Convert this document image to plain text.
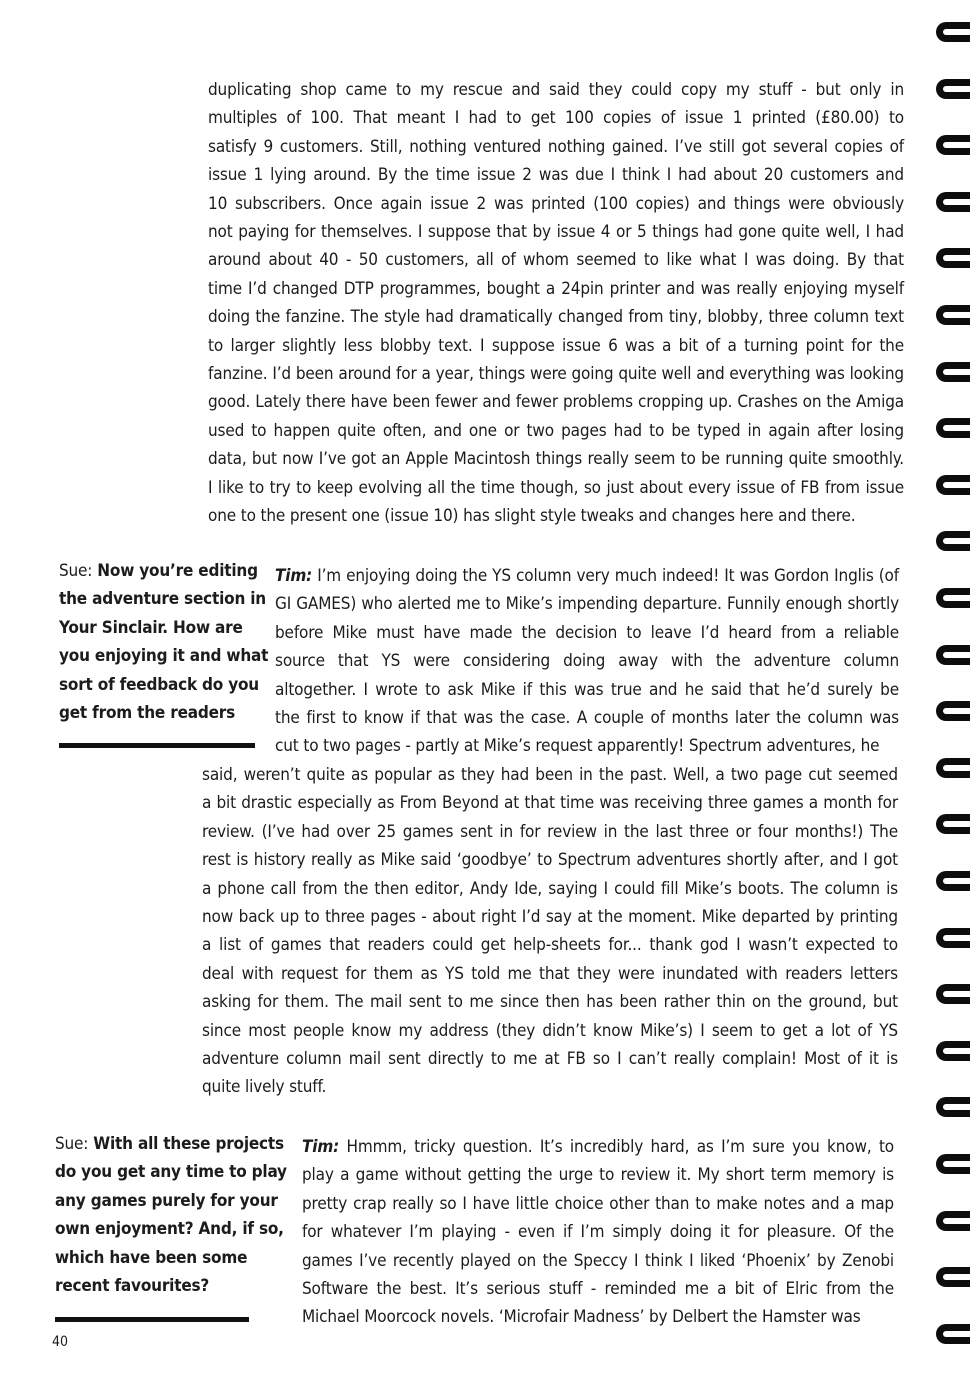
duplicating shop came to my rescue and said they could copy my stuff - but only in
multiples of 100. That meant I had to get 100 copies of issue 1 printed (£80.00) to
satisfy 9 customers. Still, nothing ventured nothing gained. I’ve still got several copies of
issue 1 lying around. By the time issue 2 was due I think I had about 20 customers and
10 subscribers. Once again issue 2 was printed (100 copies) and things were obviously
not paying for themselves. I suppose that by issue 4 or 5 things had gone quite well, I had
around about 40 - 50 customers, all of whom seemed to like what I was doing. By that
time I’d changed DTP programmes, bought a 24pin printer and was really enjoying myself
doing the fanzine. The style had dramatically changed from tiny, blobby, three column text
to larger slightly less blobby text. I suppose issue 6 was a bit of a turning point for the
fanzine. I’d been around for a year, things were going quite well and everything was looking
good. Lately there have been fewer and fewer problems cropping up. Crashes on the Amiga
used to happen quite often, and one or two pages had to be typed in again after losing
data, but now I’ve got an Apple Macintosh things really seem to be running quite smoothly.
I like to try to keep evolving all the time though, so just about every issue of FB from issue
one to the present one (issue 10) has slight style tweaks and changes here and there.
Sue: Now you’re editing
the adventure section in
Your Sinclair. How are
you enjoying it and what
sort of feedback do you
get from the readers
Tim: I’m enjoying doing the YS column very much indeed! It was Gordon Inglis (of
GI GAMES) who alerted me to Mike’s impending departure. Funnily enough shortly
before Mike must have made the decision to leave I’d heard from a reliable
source that YS were considering doing away with the adventure column
altogether. I wrote to ask Mike if this was true and he said that he’d surely be
the first to know if that was the case. A couple of months later the column was
cut to two pages - partly at Mike’s request apparently! Spectrum adventures, he
said, weren’t quite as popular as they had been in the past. Well, a two page cut seemed
a bit drastic especially as From Beyond at that time was receiving three games a month for
review. (I’ve had over 25 games sent in for review in the last three or four months!) The
rest is history really as Mike said ‘goodbye’ to Spectrum adventures shortly after, and I got
a phone call from the then editor, Andy Ide, saying I could fill Mike’s boots. The column is
now back up to three pages - about right I’d say at the moment. Mike departed by printing
a list of games that readers could get help-sheets for... thank god I wasn’t expected to
deal with request for them as YS told me that they were inundated with readers letters
asking for them. The mail sent to me since then has been rather thin on the ground, but
since most people know my address (they didn’t know Mike’s) I seem to get a lot of YS
adventure column mail sent directly to me at FB so I can’t really complain! Most of it is
quite lively stuff.
Sue: With all these projects
do you get any time to play
any games purely for your
own enjoyment? And, if so,
which have been some
recent favourites?
Tim: Hmmm, tricky question. It’s incredibly hard, as I’m sure you know, to
play a game without getting the urge to review it. My short term memory is
pretty crap really so I have little choice other than to make notes and a map
for whatever I’m playing - even if I’m simply doing it for pleasure. Of the
games I’ve recently played on the Speccy I think I liked ‘Phoenix’ by Zenobi
Software the best. It’s serious stuff - reminded me a bit of Elric from the
Michael Moorcock novels. ‘Microfair Madness’ by Delbert the Hamster was
40
